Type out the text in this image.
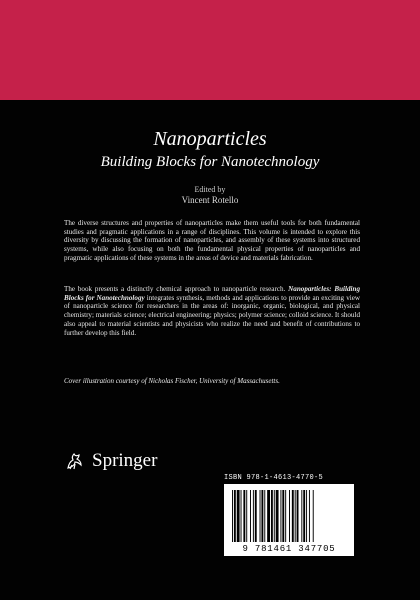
Nanoparticles
Building Blocks for Nanotechnology
Edited by
Vincent Rotello

The diverse structures and properties of nanoparticles make them useful tools for both fundamental studies and pragmatic applications in a range of disciplines. This volume is intended to explore this diversity by discussing the formation of nanoparticles, and assembly of these systems into structured systems, while also focusing on both the fundamental physical properties of nanoparticles and pragmatic applications of these systems in the areas of device and materials fabrication.

The book presents a distinctly chemical approach to nanoparticle research. Nanoparticles: Building Blocks for Nanotechnology integrates synthesis, methods and applications to provide an exciting view of nanoparticle science for researchers in the areas of: inorganic, organic, biological, and physical chemistry; materials science; electrical engineering; physics; polymer science; colloid science. It should also appeal to material scientists and physicists who realize the need and benefit of contributions to further develop this field.

Cover illustration courtesy of Nicholas Fischer, University of Massachusetts.
Springer
ISBN 978-1-4613-4770-5
9 781461 347705
